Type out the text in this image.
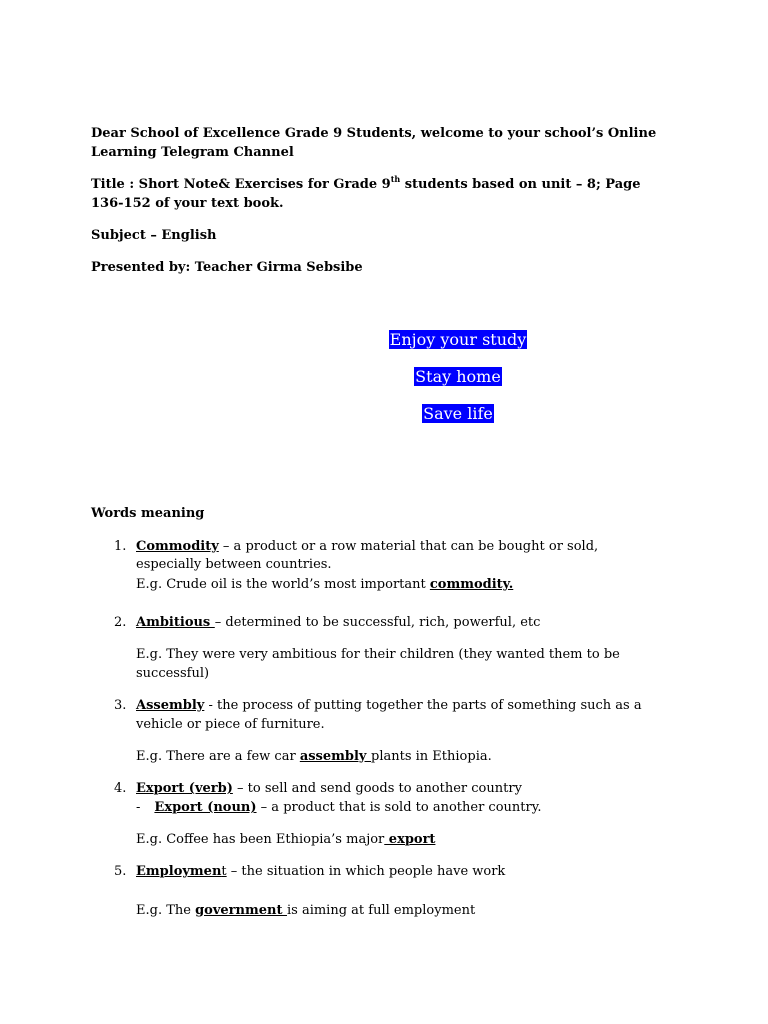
Dear School of Excellence Grade 9 Students, welcome to your school’s Online
Learning Telegram Channel
Title : Short Note& Exercises for Grade 9th students based on unit – 8; Page
136-152 of your text book.
Subject – English
Presented by: Teacher Girma Sebsibe
Enjoy your study
Stay home
Save life
Words meaning
1. Commodity – a product or a row material that can be bought or sold,
especially between countries.
E.g. Crude oil is the world’s most important commodity.
2. Ambitious – determined to be successful, rich, powerful, etc
E.g. They were very ambitious for their children (they wanted them to be
successful)
3. Assembly - the process of putting together the parts of something such as a
vehicle or piece of furniture.
E.g. There are a few car assembly plants in Ethiopia.
4. Export (verb) – to sell and send goods to another country
- Export (noun) – a product that is sold to another country.
E.g. Coffee has been Ethiopia’s major export
5. Employment – the situation in which people have work
E.g. The government is aiming at full employment
